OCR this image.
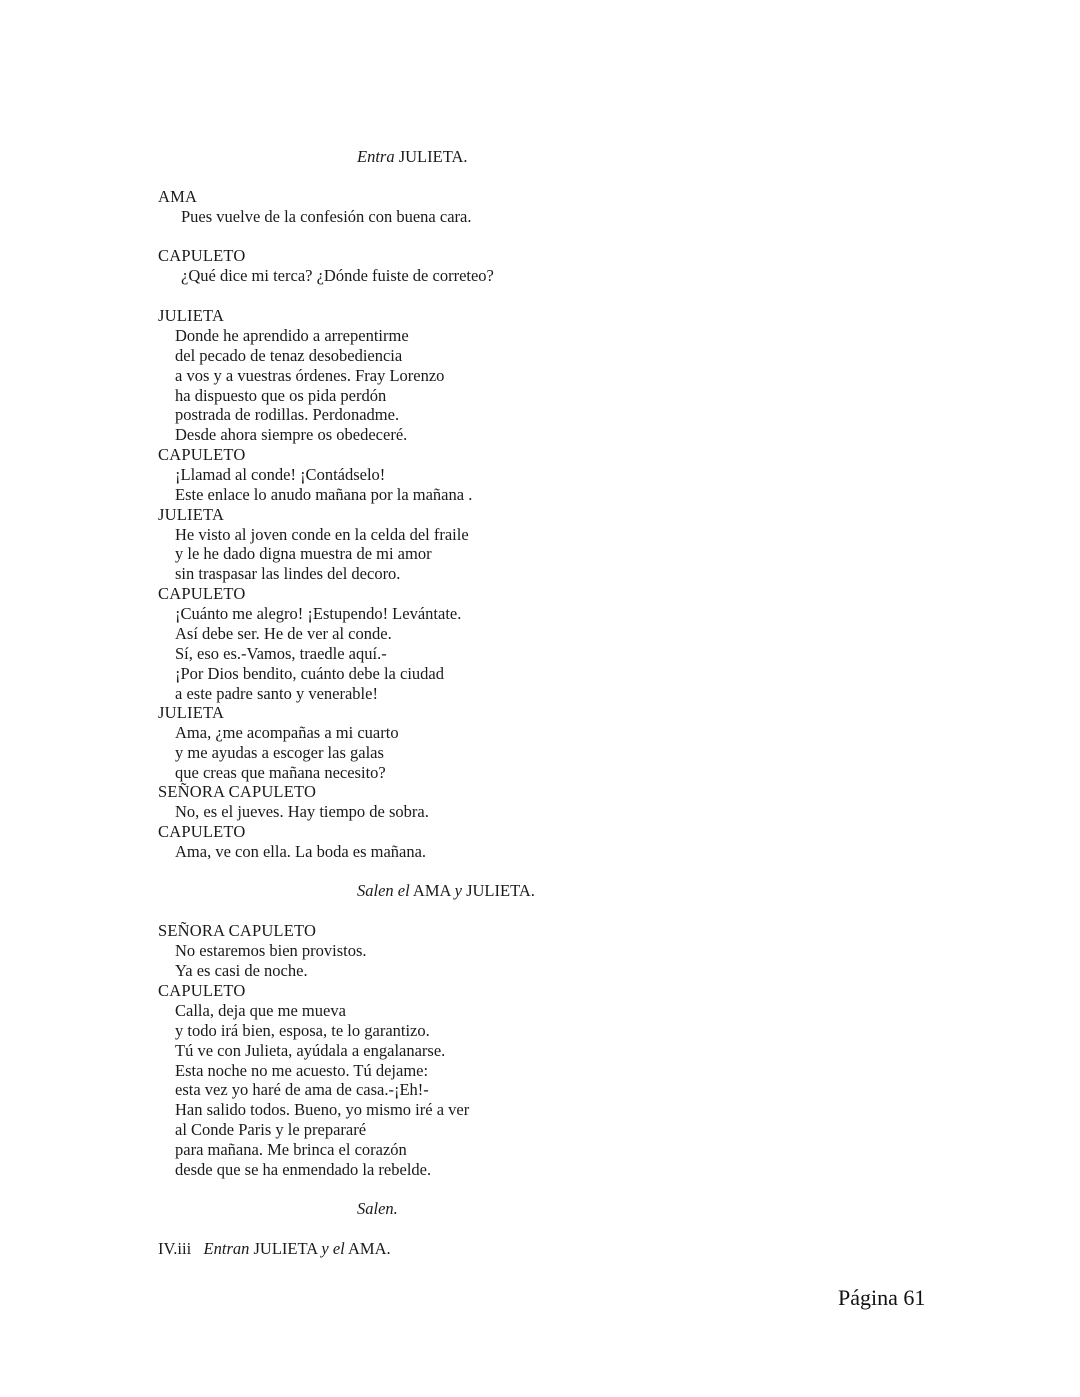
Entra JULIETA.
AMA
Pues vuelve de la confesión con buena cara.
CAPULETO
¿Qué dice mi terca? ¿Dónde fuiste de correteo?
JULIETA
Donde he aprendido a arrepentirme
del pecado de tenaz desobediencia
a vos y a vuestras órdenes. Fray Lorenzo
ha dispuesto que os pida perdón
postrada de rodillas. Perdonadme.
Desde ahora siempre os obedeceré.
CAPULETO
¡Llamad al conde! ¡Contádselo!
Este enlace lo anudo mañana por la mañana .
JULIETA
He visto al joven conde en la celda del fraile
y le he dado digna muestra de mi amor
sin traspasar las lindes del decoro.
CAPULETO
¡Cuánto me alegro! ¡Estupendo! Levántate.
Así debe ser. He de ver al conde.
Sí, eso es.-Vamos, traedle aquí.-
¡Por Dios bendito, cuánto debe la ciudad
a este padre santo y venerable!
JULIETA
Ama, ¿me acompañas a mi cuarto
y me ayudas a escoger las galas
que creas que mañana necesito?
SEÑORA CAPULETO
No, es el jueves. Hay tiempo de sobra.
CAPULETO
Ama, ve con ella. La boda es mañana.
Salen el AMA y JULIETA.
SEÑORA CAPULETO
No estaremos bien provistos.
Ya es casi de noche.
CAPULETO
Calla, deja que me mueva
y todo irá bien, esposa, te lo garantizo.
Tú ve con Julieta, ayúdala a engalanarse.
Esta noche no me acuesto. Tú dejame:
esta vez yo haré de ama de casa.-¡Eh!-
Han salido todos. Bueno, yo mismo iré a ver
al Conde Paris y le prepararé
para mañana. Me brinca el corazón
desde que se ha enmendado la rebelde.
Salen.
IV.iii   Entran JULIETA y el AMA.
Página 61
